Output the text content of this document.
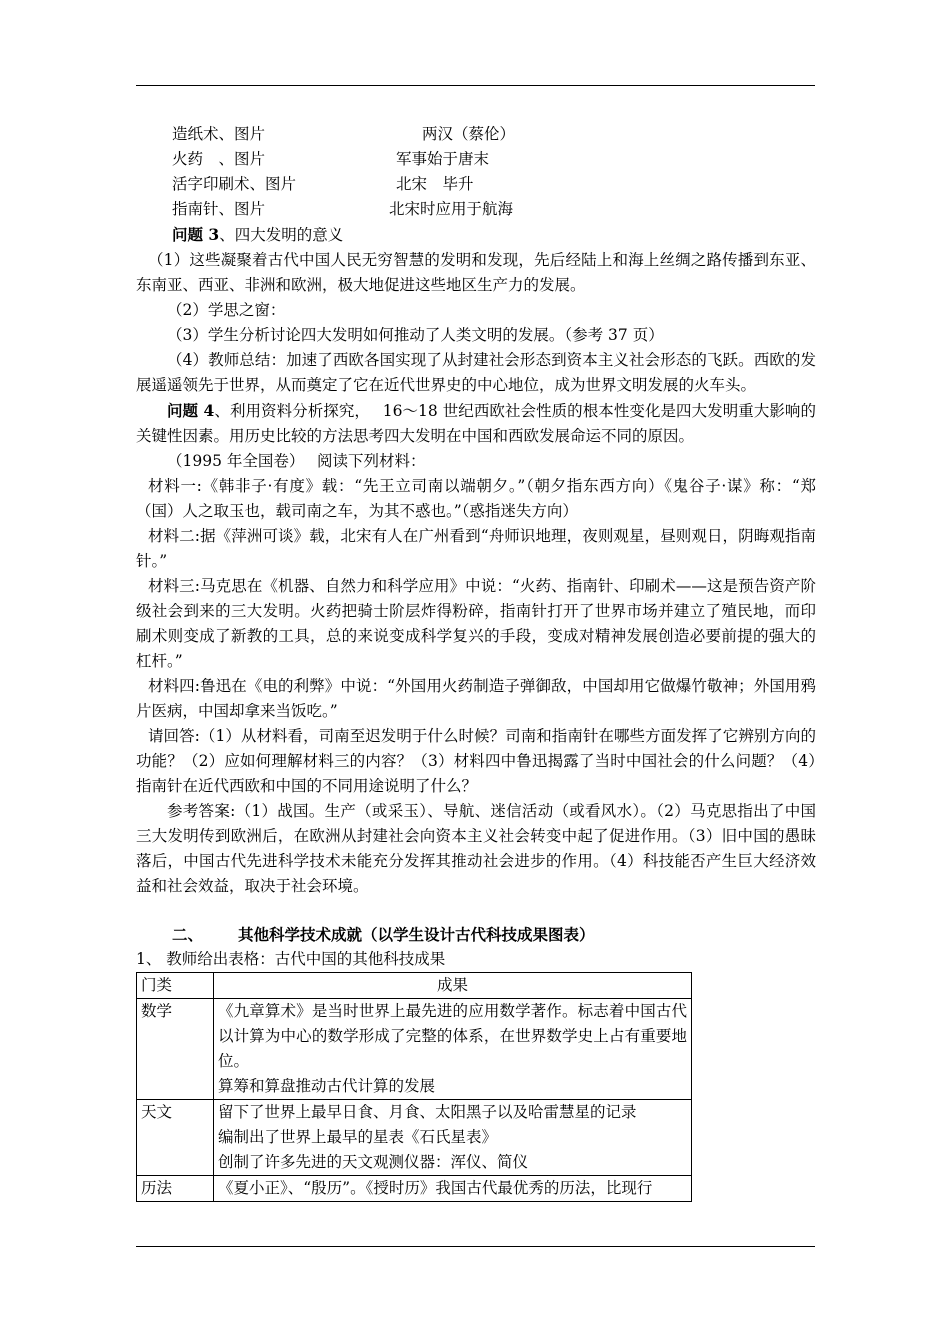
造纸术、图片	两汉（蔡伦）
火药　、图片	军事始于唐末
活字印刷术、图片	北宋　毕升
指南针、图片	北宋时应用于航海

问题 3、四大发明的意义

（1）这些凝聚着古代中国人民无穷智慧的发明和发现，先后经陆上和海上丝绸之路传播到东亚、东南亚、西亚、非洲和欧洲，极大地促进这些地区生产力的发展。

（2）学思之窗：

（3）学生分析讨论四大发明如何推动了人类文明的发展。（参考 37 页）

（4）教师总结：加速了西欧各国实现了从封建社会形态到资本主义社会形态的飞跃。西欧的发展遥遥领先于世界，从而奠定了它在近代世界史的中心地位，成为世界文明发展的火车头。

问题 4、利用资料分析探究，　 16～18 世纪西欧社会性质的根本性变化是四大发明重大影响的关键性因素。用历史比较的方法思考四大发明在中国和西欧发展命运不同的原因。

（1995 年全国卷）　 阅读下列材料：

材料一:《韩非子·有度》载：“先王立司南以端朝夕。”（朝夕指东西方向）《鬼谷子·谋》称：“郑（国）人之取玉也，载司南之车，为其不惑也。”（惑指迷失方向）

材料二:据《萍洲可谈》载，北宋有人在广州看到“舟师识地理，夜则观星，昼则观日，阴晦观指南针。”

材料三:马克思在《机器、自然力和科学应用》中说：“火药、指南针、印刷术——这是预告资产阶级社会到来的三大发明。火药把骑士阶层炸得粉碎，指南针打开了世界市场并建立了殖民地，而印刷术则变成了新教的工具，总的来说变成科学复兴的手段，变成对精神发展创造必要前提的强大的杠杆。”

材料四:鲁迅在《电的利弊》中说：“外国用火药制造子弹御敌，中国却用它做爆竹敬神；外国用鸦片医病，中国却拿来当饭吃。”

请回答:（1）从材料看，司南至迟发明于什么时候？司南和指南针在哪些方面发挥了它辨别方向的功能？（2）应如何理解材料三的内容？（3）材料四中鲁迅揭露了当时中国社会的什么问题？（4）指南针在近代西欧和中国的不同用途说明了什么？

参考答案:（1）战国。生产（或采玉）、导航、迷信活动（或看风水）。（2）马克思指出了中国三大发明传到欧洲后，在欧洲从封建社会向资本主义社会转变中起了促进作用。（3）旧中国的愚昧落后，中国古代先进科学技术未能充分发挥其推动社会进步的作用。（4）科技能否产生巨大经济效益和社会效益，取决于社会环境。

二、 其他科学技术成就（以学生设计古代科技成果图表）

1、 教师给出表格：古代中国的其他科技成果

门类	成果
数学	《九章算术》是当时世界上最先进的应用数学著作。标志着中国古代以计算为中心的数学形成了完整的体系，在世界数学史上占有重要地位。
算筹和算盘推动古代计算的发展

天文	留下了世界上最早日食、月食、太阳黑子以及哈雷慧星的记录
编制出了世界上最早的星表《石氏星表》
创制了许多先进的天文观测仪器：浑仪、简仪

历法	《夏小正》、“殷历”。《授时历》我国古代最优秀的历法，比现行
